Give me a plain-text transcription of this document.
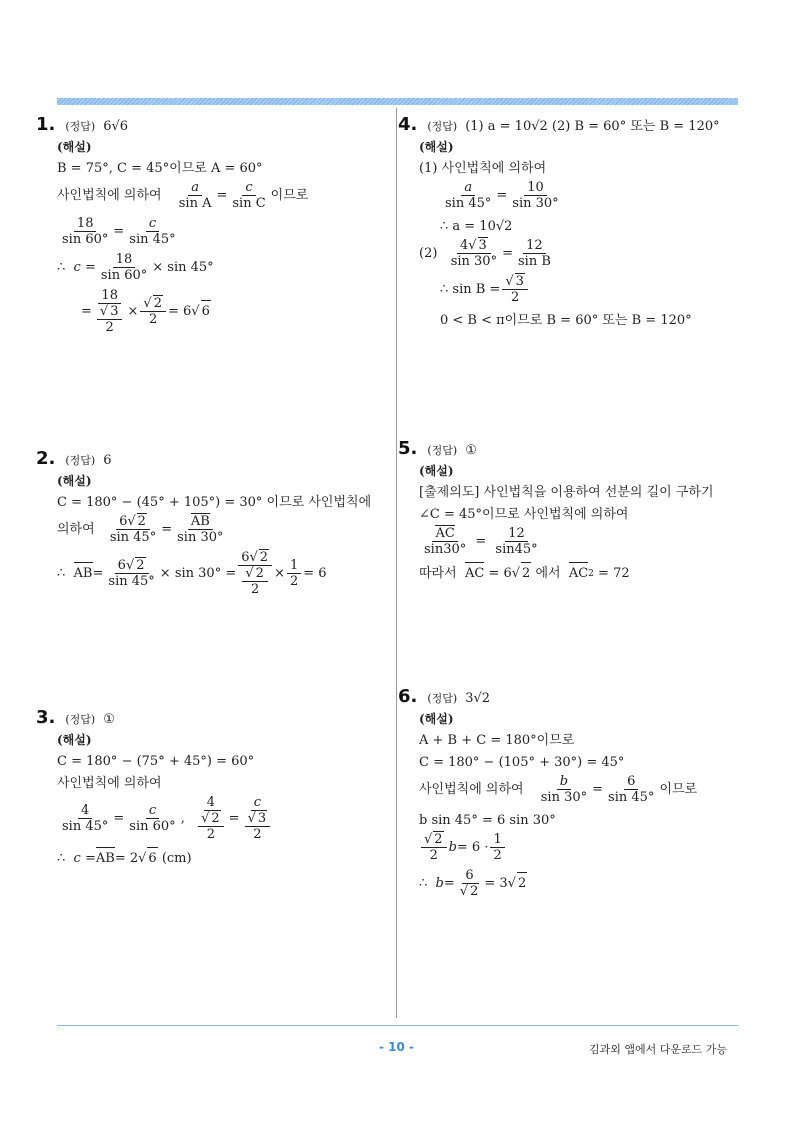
1. (정답) 6√6
(해설)
B = 75°, C = 45°이므로 A = 60°
사인법칙에 의하여
a
sin A
= c
sin C
이므로
18
sin 60°
= c
sin 45°
∴ c = 18
sin 60°
× sin 45°
=
18
$\frac{√ 3}{2}$ × √ 2
2
= 6√ 6
2. (정답) 6
(해설)
C = 180° − (45° + 105°) = 30° 이므로 사인법칙에
의하여
6√ 2
sin 45°
= AB
sin 30°
∴ AB = 6√ 2
sin 45°
× sin 30° =
6√ 2
$\frac{√ 2}{2} \times 1$
2
= 6
3. (정답) ①
(해설)
C = 180° − (75° + 45°) = 60°
사인법칙에 의하여
4
sin 45°
= c
sin 60°
,
4
$\frac{√ 2}{2}$ =
c
$\frac{√ 3}{2}$
∴ c = AB = 2√ 6 (cm)
4. (정답) (1) a = 10√2 (2) B = 60° 또는 B = 120°
(해설)
(1) 사인법칙에 의하여
a
sin 45°
= 10
sin 30°
∴ a = 10√2
(2) 4√ 3
sin 30°
= 12
sin B
∴ sin B = √ 3
2
0 < B < π이므로 B = 60° 또는 B = 120°
5. (정답) ①
(해설)
[출제의도] 사인법칙을 이용하여 선분의 길이 구하기
∠C = 45°이므로 사인법칙에 의하여
AC
sin30°
= 12
sin45°
따라서
AC = 6√ 2
에서
AC 2
= 72
6. (정답) 3√2
(해설)
A + B + C = 180°이므로
C = 180° − (105° + 30°) = 45°
사인법칙에 의하여
b
sin 30°
= 6
sin 45°
이므로
b sin 45° = 6 sin 30°
√ 2
2
b = 6 · 1
2
∴ b = 6
√ 2
= 3√ 2
- 10 -	김과외 앱에서 다운로드 가능
